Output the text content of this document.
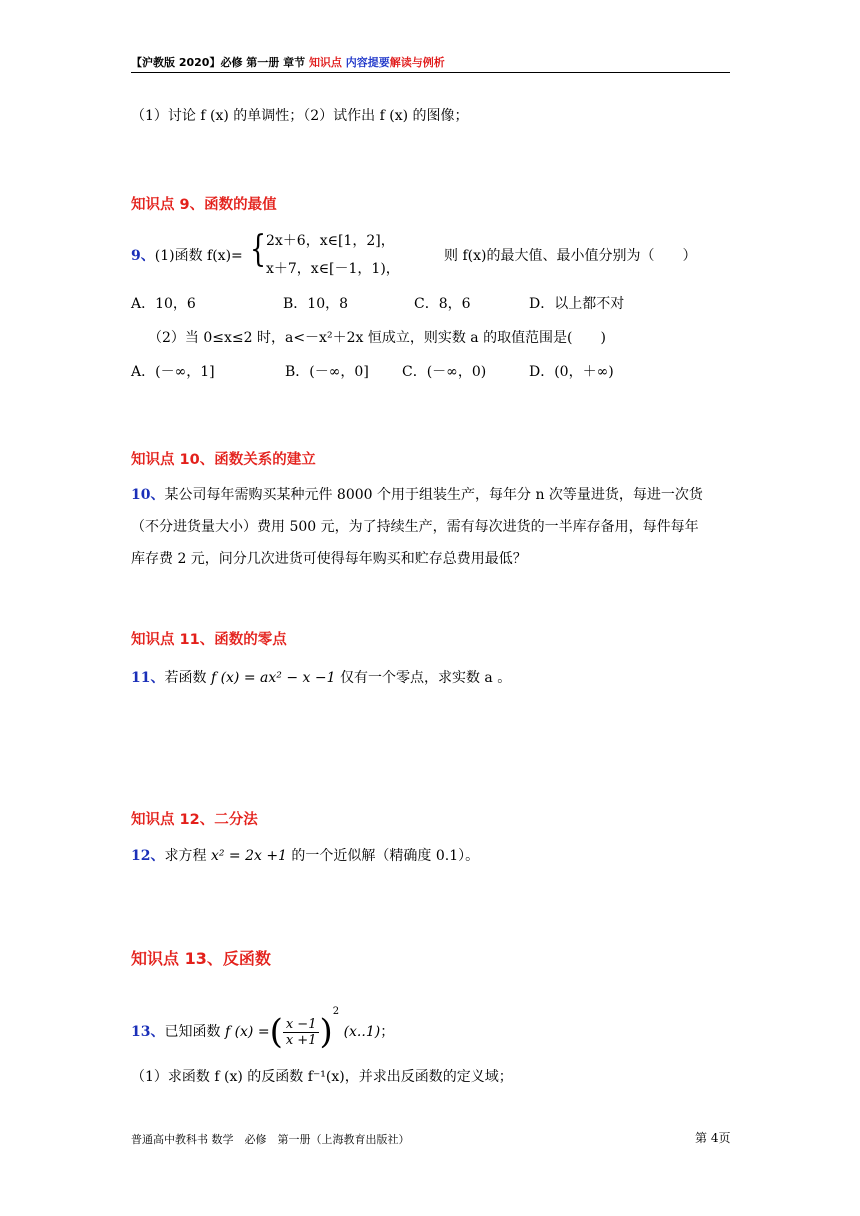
【沪教版 2020】必修 第一册 章节 知识点 内容提要解读与例析
（1）讨论 f (x) 的单调性；（2）试作出 f (x) 的图像；
知识点 9、函数的最值
9、(1)函数 f(x)= { 2x＋6，x∈[1，2]，
x＋7，x∈[－1，1)，
则 f(x)的最大值、最小值分别为（　　）
A．10，6	B．10，8	C．8，6	D．以上都不对
（2）当 0≤x≤2 时，a<－x²＋2x 恒成立，则实数 a 的取值范围是(　　)
A．(－∞，1]	B．(－∞，0] C．(－∞，0)	D．(0，＋∞)
知识点 10、函数关系的建立
10、某公司每年需购买某种元件 8000 个用于组装生产，每年分 n 次等量进货，每进一次货
（不分进货量大小）费用 500 元，为了持续生产，需有每次进货的一半库存备用，每件每年
库存费 2 元，问分几次进货可使得每年购买和贮存总费用最低？
知识点 11、函数的零点
11、若函数 f (x) = ax² − x −1 仅有一个零点，求实数 a 。
知识点 12、二分法
12、求方程 x² = 2x +1 的一个近似解（精确度 0.1）。
知识点 13、反函数
13、已知函数 f (x) =( $\frac{x -1}{x +1} )^2$ (x..1)；
（1）求函数 f (x) 的反函数 f⁻¹(x)，并求出反函数的定义域；
普通高中教科书 数学　必修　第一册（上海教育出版社）	第 4页
